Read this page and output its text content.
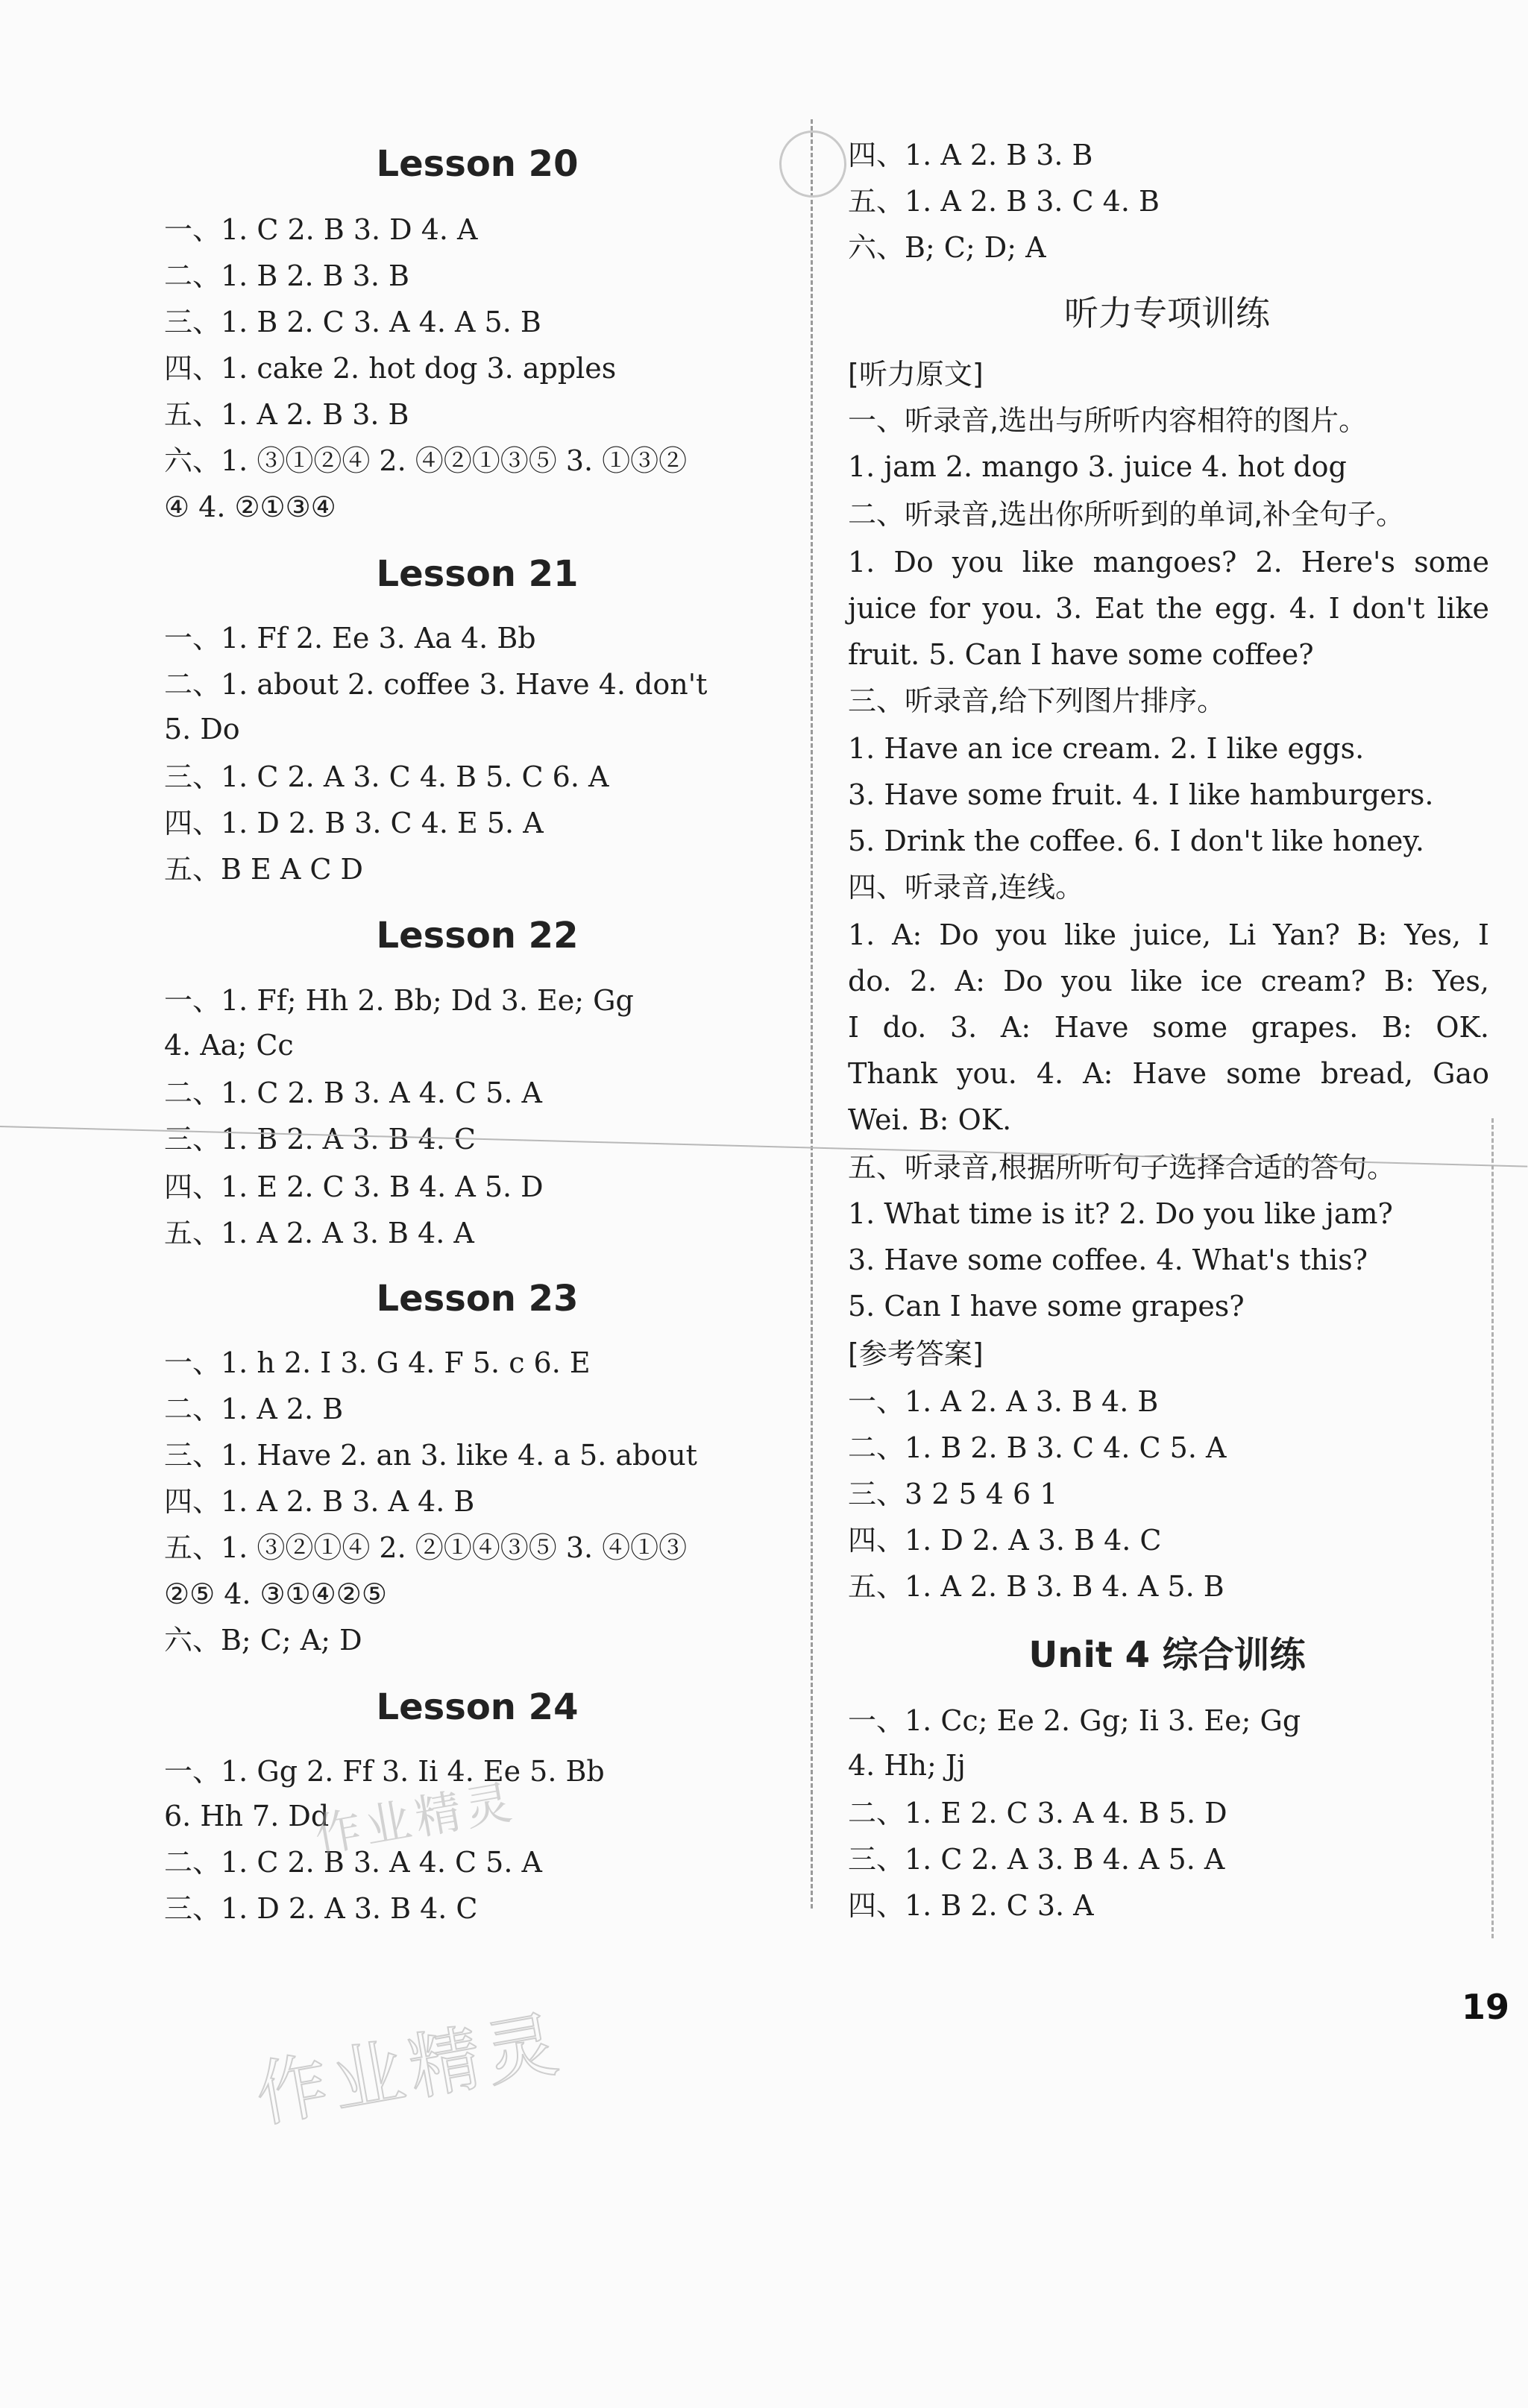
Lesson 20
一、1. C 2. B 3. D 4. A
二、1. B 2. B 3. B
三、1. B 2. C 3. A 4. A 5. B
四、1. cake 2. hot dog 3. apples
五、1. A 2. B 3. B
六、1. ③①②④ 2. ④②①③⑤ 3. ①③②
④ 4. ②①③④
Lesson 21
一、1. Ff 2. Ee 3. Aa 4. Bb
二、1. about 2. coffee 3. Have 4. don't
5. Do
三、1. C 2. A 3. C 4. B 5. C 6. A
四、1. D 2. B 3. C 4. E 5. A
五、B E A C D
Lesson 22
一、1. Ff; Hh 2. Bb; Dd 3. Ee; Gg
4. Aa; Cc
二、1. C 2. B 3. A 4. C 5. A
三、1. B 2. A 3. B 4. C
四、1. E 2. C 3. B 4. A 5. D
五、1. A 2. A 3. B 4. A
Lesson 23
一、1. h 2. I 3. G 4. F 5. c 6. E
二、1. A 2. B
三、1. Have 2. an 3. like 4. a 5. about
四、1. A 2. B 3. A 4. B
五、1. ③②①④ 2. ②①④③⑤ 3. ④①③
②⑤ 4. ③①④②⑤
六、B; C; A; D
Lesson 24
一、1. Gg 2. Ff 3. Ii 4. Ee 5. Bb
6. Hh 7. Dd
二、1. C 2. B 3. A 4. C 5. A
三、1. D 2. A 3. B 4. C
四、1. A 2. B 3. B
五、1. A 2. B 3. C 4. B
六、B; C; D; A
听力专项训练
[听力原文]
一、听录音,选出与所听内容相符的图片。
1. jam 2. mango 3. juice 4. hot dog
二、听录音,选出你所听到的单词,补全句子。
1. Do you like mangoes? 2. Here's some
juice for you. 3. Eat the egg. 4. I don't like
fruit. 5. Can I have some coffee?
三、听录音,给下列图片排序。
1. Have an ice cream. 2. I like eggs.
3. Have some fruit. 4. I like hamburgers.
5. Drink the coffee. 6. I don't like honey.
四、听录音,连线。
1. A: Do you like juice, Li Yan? B: Yes, I
do. 2. A: Do you like ice cream? B: Yes,
I do. 3. A: Have some grapes. B: OK.
Thank you. 4. A: Have some bread, Gao
Wei. B: OK.
五、听录音,根据所听句子选择合适的答句。
1. What time is it? 2. Do you like jam?
3. Have some coffee. 4. What's this?
5. Can I have some grapes?
[参考答案]
一、1. A 2. A 3. B 4. B
二、1. B 2. B 3. C 4. C 5. A
三、3 2 5 4 6 1
四、1. D 2. A 3. B 4. C
五、1. A 2. B 3. B 4. A 5. B
Unit 4 综合训练
一、1. Cc; Ee 2. Gg; Ii 3. Ee; Gg
4. Hh; Jj
二、1. E 2. C 3. A 4. B 5. D
三、1. C 2. A 3. B 4. A 5. A
四、1. B 2. C 3. A
作业精灵
作业精灵	19
